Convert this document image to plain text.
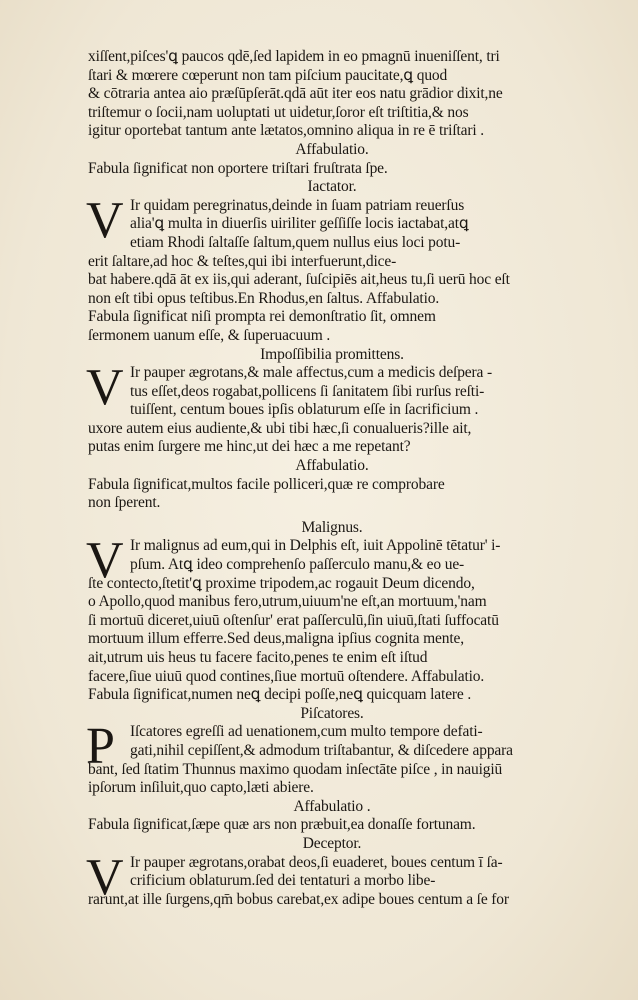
xiſſent,piſces'ꝗ paucos qdē,ſed lapidem in eo pmagnū inueniſſent, tri
ſtari & mœrere cœperunt non tam piſcium paucitate,ꝗ quod
& cōtraria antea aio præſūpſerāt.qdā aūt iter eos natu grādior dixit,ne
triſtemur o ſocii,nam uoluptati ut uidetur,ſoror eſt triſtitia,& nos
igitur oportebat tantum ante lætatos,omnino aliqua in re ē triſtari .
Affabulatio.
Fabula ſignificat non oportere triſtari fruſtrata ſpe.
Iactator.
V Ir quidam peregrinatus,deinde in ſuam patriam reuerſus
alia'ꝗ multa in diuerſis uiriliter geſſiſſe locis iactabat,atꝗ
etiam Rhodi ſaltaſſe ſaltum,quem nullus eius loci potu-
erit ſaltare,ad hoc & teſtes,qui ibi interfuerunt,dice-
bat habere.qdā āt ex iis,qui aderant, ſuſcipiēs ait,heus tu,ſi uerū hoc eſt
non eſt tibi opus teſtibus.En Rhodus,en ſaltus. Affabulatio.
Fabula ſignificat niſi prompta rei demonſtratio ſit, omnem
ſermonem uanum eſſe, & ſuperuacuum .
Impoſſibilia promittens.
V Ir pauper ægrotans,& male affectus,cum a medicis deſpera -
tus eſſet,deos rogabat,pollicens ſi ſanitatem ſibi rurſus reſti-
tuiſſent, centum boues ipſis oblaturum eſſe in ſacrificium .
uxore autem eius audiente,& ubi tibi hæc,ſi conualueris?ille ait,
putas enim ſurgere me hinc,ut dei hæc a me repetant?
Affabulatio.
Fabula ſignificat,multos facile polliceri,quæ re comprobare
non ſperent.
Malignus.
V Ir malignus ad eum,qui in Delphis eſt, iuit Appolinē tētatur' i-
pſum. Atꝗ ideo comprehenſo paſſerculo manu,& eo ue-
ſte contecto,ſtetit'ꝗ proxime tripodem,ac rogauit Deum dicendo,
o Apollo,quod manibus fero,utrum,uiuum'ne eſt,an mortuum,'nam
ſi mortuū diceret,uiuū oſtenſur' erat paſſerculū,ſin uiuū,ſtati ſuffocatū
mortuum illum efferre.Sed deus,maligna ipſius cognita mente,
ait,utrum uis heus tu facere facito,penes te enim eſt iſtud
facere,ſiue uiuū quod contines,ſiue mortuū oſtendere. Affabulatio.
Fabula ſignificat,numen neꝗ decipi poſſe,neꝗ quicquam latere .
Piſcatores.
P Iſcatores egreſſi ad uenationem,cum multo tempore defati-
gati,nihil cepiſſent,& admodum triſtabantur, & diſcedere appara
bant, ſed ſtatim Thunnus maximo quodam inſectāte piſce , in nauigiū
ipſorum inſiluit,quo capto,læti abiere.
Affabulatio .
Fabula ſignificat,ſæpe quæ ars non præbuit,ea donaſſe fortunam.
Deceptor.
V Ir pauper ægrotans,orabat deos,ſi euaderet, boues centum ī ſa-
crificium oblaturum.ſed dei tentaturi a morbo libe-
rarunt,at ille ſurgens,qm̄ bobus carebat,ex adipe boues centum a ſe for
